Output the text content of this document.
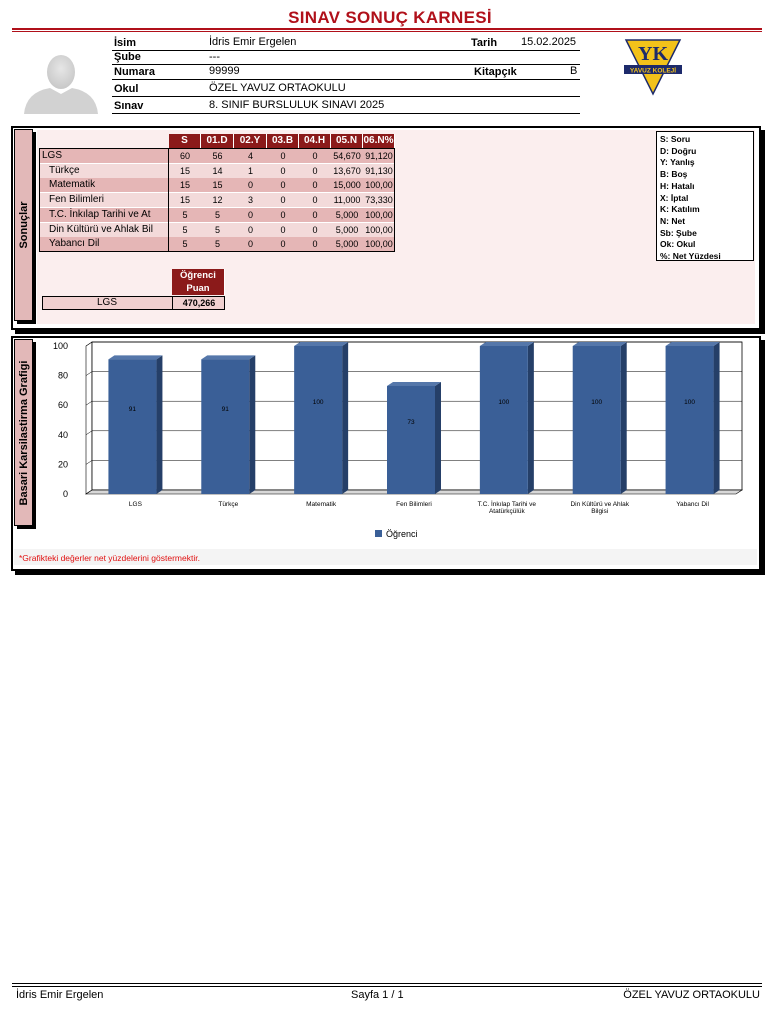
SINAV SONUÇ KARNESİ
İsim	İdris Emir Ergelen	Tarih 15.02.2025
Şube	---
Numara	99999	Kitapçık	B
Okul	ÖZEL YAVUZ ORTAOKULU
Sınav	8. SINIF BURSLULUK SINAVI 2025
YK
YAVUZ KOLEJİ
Sonuçlar
S	01.D	02.Y	03.B	04.H	05.N 06.N%
LGS	60	56	4	0	0	54,670 91,120
Türkçe	15	14	1	0	0	13,670 91,130
Matematik	15	15	0	0	0	15,000 100,00
Fen Bilimleri	15	12	3	0	0	11,000 73,330
T.C. İnkılap Tarihi ve At	5	5	0	0	0	5,000 100,00
Din Kültürü ve Ahlak Bil	5	5	0	0	0	5,000 100,00
Yabancı Dil	5	5	0	0	0	5,000 100,00
Öğrenci
Puan
LGS	470,266
S: Soru
D: Doğru
Y: Yanlış
B: Boş
H: Hatalı
X: İptal
K: Katılım
N: Net
Sb: Şube
Ok: Okul
%: Net Yüzdesi
Basari Karsilastirma Grafigi	0
20
40
60
80
100
91
LGS
91
Türkçe
100
Matematik
73
Fen Bilimleri
100
T.C. İnkılap Tarihi ve
Atatürkçülük
100
Din Kültürü ve Ahlak
Bilgisi
100
Yabancı Dil
Öğrenci
*Grafikteki değerler net yüzdelerini göstermektir.
İdris Emir Ergelen	Sayfa 1 / 1	ÖZEL YAVUZ ORTAOKULU
